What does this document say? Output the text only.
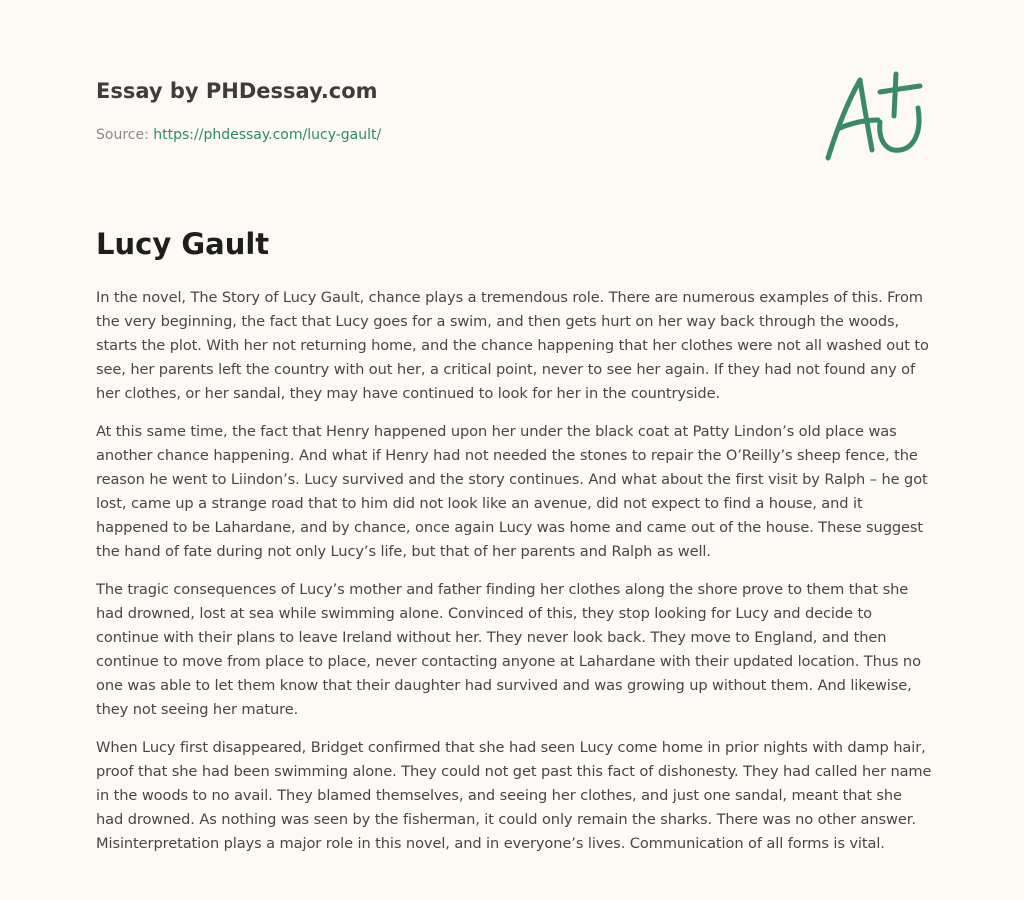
Essay by PHDessay.com
Source: https://phdessay.com/lucy-gault/
Lucy Gault

In the novel, The Story of Lucy Gault, chance plays a tremendous role. There are numerous examples of this. From the very beginning, the fact that Lucy goes for a swim, and then gets hurt on her way back through the woods, starts the plot. With her not returning home, and the chance happening that her clothes were not all washed out to see, her parents left the country with out her, a critical point, never to see her again. If they had not found any of her clothes, or her sandal, they may have continued to look for her in the countryside.

At this same time, the fact that Henry happened upon her under the black coat at Patty Lindon’s old place was another chance happening. And what if Henry had not needed the stones to repair the O’Reilly’s sheep fence, the reason he went to Liindon’s. Lucy survived and the story continues. And what about the first visit by Ralph – he got lost, came up a strange road that to him did not look like an avenue, did not expect to find a house, and it happened to be Lahardane, and by chance, once again Lucy was home and came out of the house. These suggest the hand of fate during not only Lucy’s life, but that of her parents and Ralph as well.

The tragic consequences of Lucy’s mother and father finding her clothes along the shore prove to them that she had drowned, lost at sea while swimming alone. Convinced of this, they stop looking for Lucy and decide to continue with their plans to leave Ireland without her. They never look back. They move to England, and then continue to move from place to place, never contacting anyone at Lahardane with their updated location. Thus no one was able to let them know that their daughter had survived and was growing up without them. And likewise, they not seeing her mature.

When Lucy first disappeared, Bridget confirmed that she had seen Lucy come home in prior nights with damp hair, proof that she had been swimming alone. They could not get past this fact of dishonesty. They had called her name in the woods to no avail. They blamed themselves, and seeing her clothes, and just one sandal, meant that she had drowned. As nothing was seen by the fisherman, it could only remain the sharks. There was no other answer. Misinterpretation plays a major role in this novel, and in everyone’s lives. Communication of all forms is vital.
